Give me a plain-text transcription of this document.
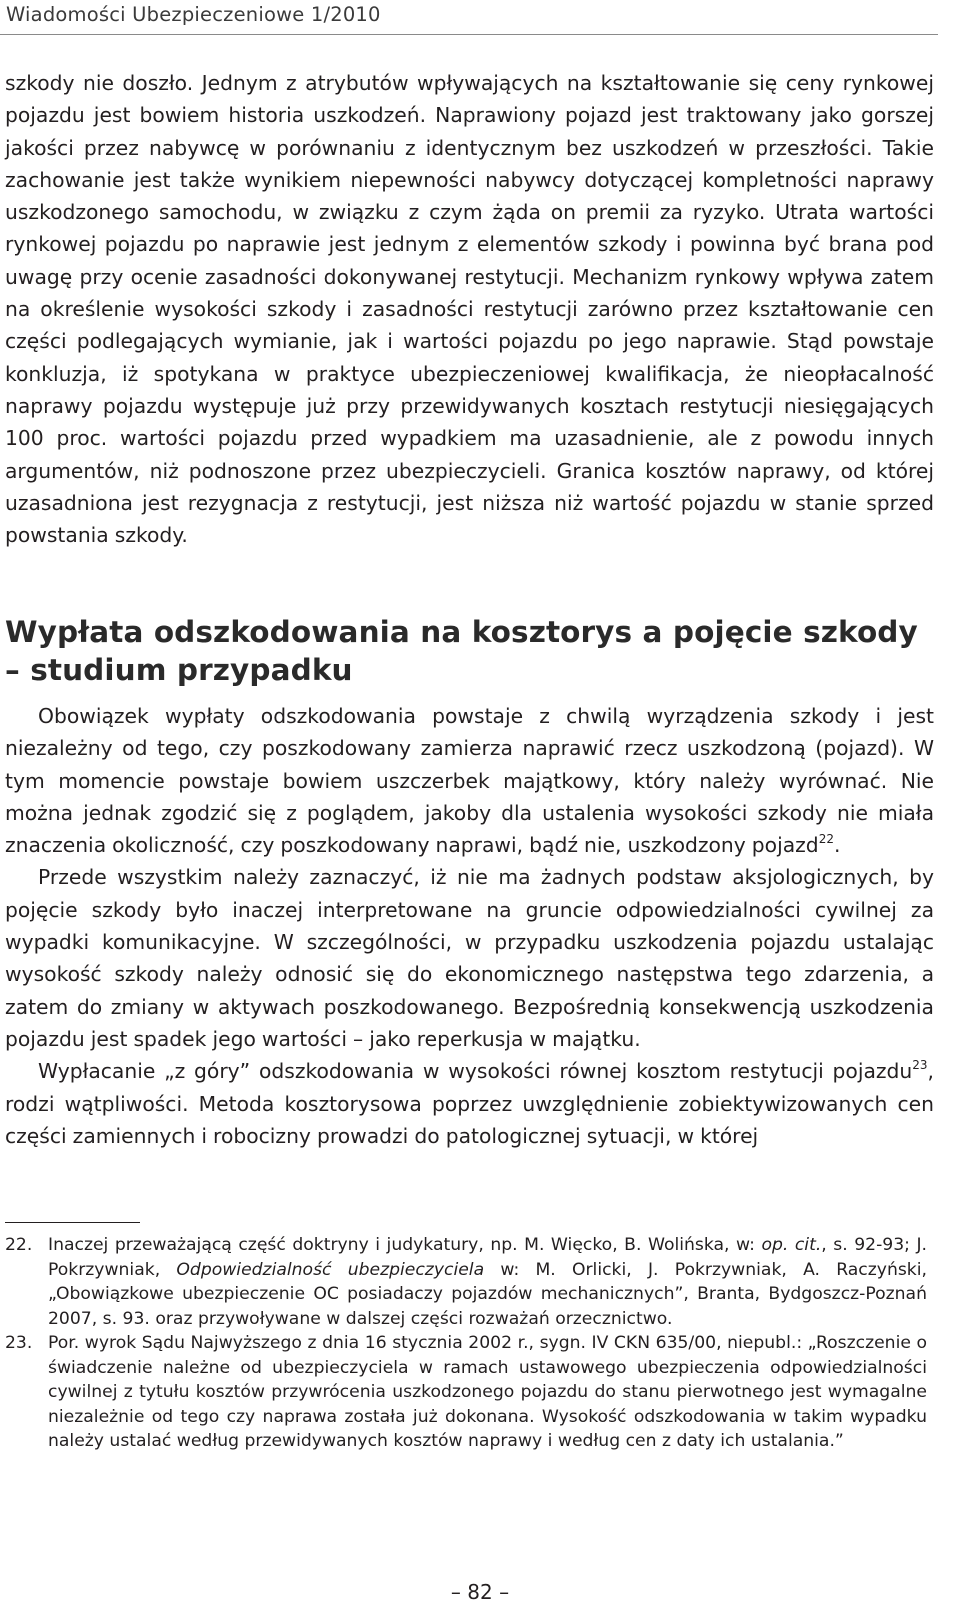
Wiadomości Ubezpieczeniowe 1/2010
szkody nie doszło. Jednym z atrybutów wpływających na kształtowanie się ceny rynkowej pojazdu jest bowiem historia uszkodzeń. Naprawiony pojazd jest traktowany jako gorszej jakości przez nabywcę w porównaniu z identycznym bez uszkodzeń w przeszłości. Takie zachowanie jest także wynikiem niepewności nabywcy dotyczącej kompletności naprawy uszkodzonego samochodu, w związku z czym żąda on premii za ryzyko. Utrata wartości rynkowej pojazdu po naprawie jest jednym z elementów szkody i powinna być brana pod uwagę przy ocenie zasadności dokonywanej restytucji. Mechanizm rynkowy wpływa zatem na określenie wysokości szkody i zasadności restytucji zarówno przez kształtowanie cen części podlegających wymianie, jak i wartości pojazdu po jego naprawie. Stąd powstaje konkluzja, iż spotykana w praktyce ubezpieczeniowej kwalifikacja, że nieopłacalność naprawy pojazdu występuje już przy przewidywanych kosztach restytucji niesięgających 100 proc. wartości pojazdu przed wypadkiem ma uzasadnienie, ale z powodu innych argumentów, niż podnoszone przez ubezpieczycieli. Granica kosztów naprawy, od której uzasadniona jest rezygnacja z restytucji, jest niższa niż wartość pojazdu w stanie sprzed powstania szkody.
Wypłata odszkodowania na kosztorys a pojęcie szkody – studium przypadku

Obowiązek wypłaty odszkodowania powstaje z chwilą wyrządzenia szkody i jest niezależny od tego, czy poszkodowany zamierza naprawić rzecz uszkodzoną (pojazd). W tym momencie powstaje bowiem uszczerbek majątkowy, który należy wyrównać. Nie można jednak zgodzić się z poglądem, jakoby dla ustalenia wysokości szkody nie miała znaczenia okoliczność, czy poszkodowany naprawi, bądź nie, uszkodzony pojazd$^{22}$.

Przede wszystkim należy zaznaczyć, iż nie ma żadnych podstaw aksjologicznych, by pojęcie szkody było inaczej interpretowane na gruncie odpowiedzialności cywilnej za wypadki komunikacyjne. W szczególności, w przypadku uszkodzenia pojazdu ustalając wysokość szkody należy odnosić się do ekonomicznego następstwa tego zdarzenia, a zatem do zmiany w aktywach poszkodowanego. Bezpośrednią konsekwencją uszkodzenia pojazdu jest spadek jego wartości – jako reperkusja w majątku.

Wypłacanie „z góry” odszkodowania w wysokości równej kosztom restytucji pojazdu$^{23}$, rodzi wątpliwości. Metoda kosztorysowa poprzez uwzględnienie zobiektywizowanych cen części zamiennych i robocizny prowadzi do patologicznej sytuacji, w której

22. Inaczej przeważającą część doktryny i judykatury, np. M. Więcko, B. Wolińska, w: op. cit., s. 92-93; J. Pokrzywniak, Odpowiedzialność ubezpieczyciela w: M. Orlicki, J. Pokrzywniak, A. Raczyński, „Obowiązkowe ubezpieczenie OC posiadaczy pojazdów mechanicznych”, Branta, Bydgoszcz-Poznań 2007, s. 93. oraz przywoływane w dalszej części rozważań orzecznictwo.

23. Por. wyrok Sądu Najwyższego z dnia 16 stycznia 2002 r., sygn. IV CKN 635/00, niepubl.: „Roszczenie o świadczenie należne od ubezpieczyciela w ramach ustawowego ubezpieczenia odpowiedzialności cywilnej z tytułu kosztów przywrócenia uszkodzonego pojazdu do stanu pierwotnego jest wymagalne niezależnie od tego czy naprawa została już dokonana. Wysokość odszkodowania w takim wypadku należy ustalać według przewidywanych kosztów naprawy i według cen z daty ich ustalania.”

– 82 –
